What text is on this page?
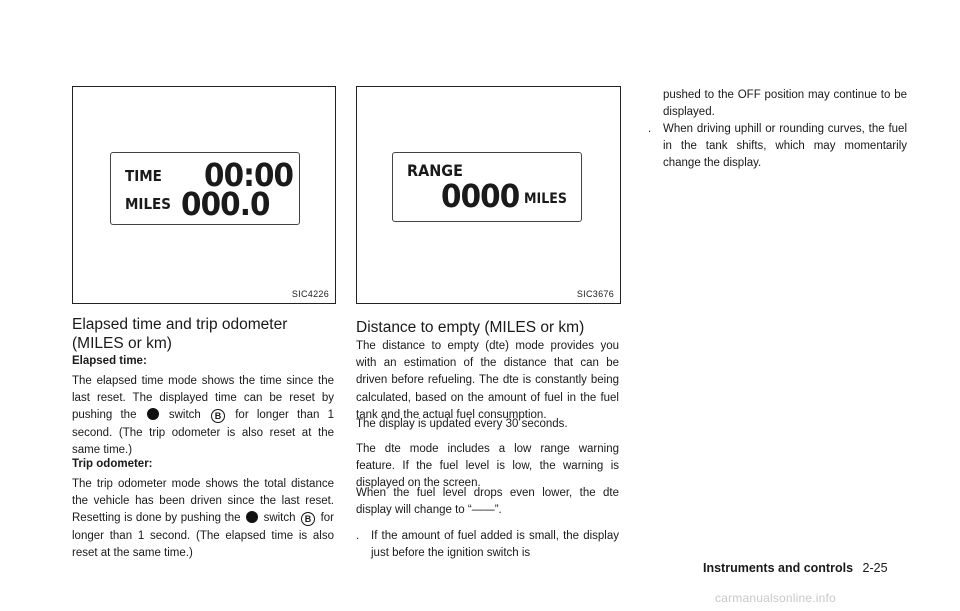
TIME 00:00
MILES 000.0
SIC4226
RANGE
0000 MILES
SIC3676
Elapsed time and trip odometer (MILES or km)

Elapsed time:

The elapsed time mode shows the time since the last reset. The displayed time can be reset by pushing the	switch B for longer than 1 second. (The trip odometer is also reset at the same time.)

Trip odometer:

The trip odometer mode shows the total distance the vehicle has been driven since the last reset. Resetting is done by pushing the switch B for longer than 1 second. (The elapsed time is also reset at the same time.)

Distance to empty (MILES or km)

The distance to empty (dte) mode provides you with an estimation of the distance that can be driven before refueling. The dte is constantly being calculated, based on the amount of fuel in the fuel tank and the actual fuel consumption.

The display is updated every 30 seconds.

The dte mode includes a low range warning feature. If the fuel level is low, the warning is displayed on the screen.

When the fuel level drops even lower, the dte display will change to “——”.

. If the amount of fuel added is small, the display just before the ignition switch is

pushed to the OFF position may continue to be displayed.

. When driving uphill or rounding curves, the fuel in the tank shifts, which may momentarily change the display.

Instruments and controls 2-25
carmanualsonline.info
